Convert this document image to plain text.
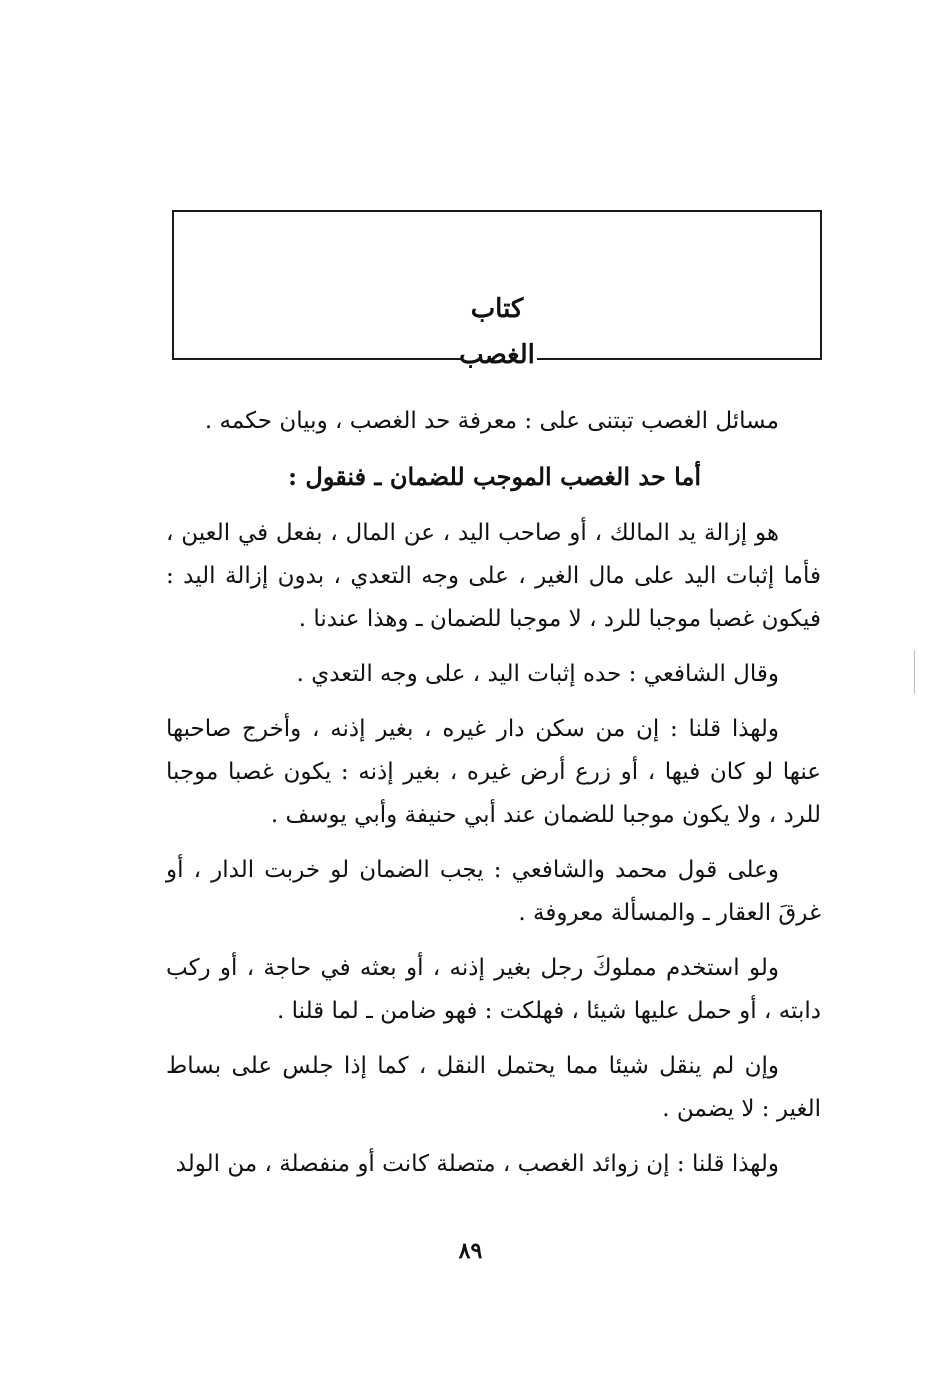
كتاب
الغصب

مسائل الغصب تبتنى على : معرفة حد الغصب ، وبيان حكمه .

أما حد الغصب الموجب للضمان ـ فنقول :

هو إزالة يد المالك ، أو صاحب اليد ، عن المال ، بفعل في العين ، فأما إثبات اليد على مال الغير ، على وجه التعدي ، بدون إزالة اليد : فيكون غصبا موجبا للرد ، لا موجبا للضمان ـ وهذا عندنا .

وقال الشافعي : حده إثبات اليد ، على وجه التعدي .

ولهذا قلنا : إن من سكن دار غيره ، بغير إذنه ، وأخرج صاحبها عنها لو كان فيها ، أو زرع أرض غيره ، بغير إذنه : يكون غصبا موجبا للرد ، ولا يكون موجبا للضمان عند أبي حنيفة وأبي يوسف .

وعلى قول محمد والشافعي : يجب الضمان لو خربت الدار ، أو غرقَ العقار ـ والمسألة معروفة .

ولو استخدم مملوكَ رجل بغير إذنه ، أو بعثه في حاجة ، أو ركب دابته ، أو حمل عليها شيئا ، فهلكت : فهو ضامن ـ لما قلنا .

وإن لم ينقل شيئا مما يحتمل النقل ، كما إذا جلس على بساط الغير : لا يضمن .

ولهذا قلنا : إن زوائد الغصب ، متصلة كانت أو منفصلة ، من الولد

٨٩
